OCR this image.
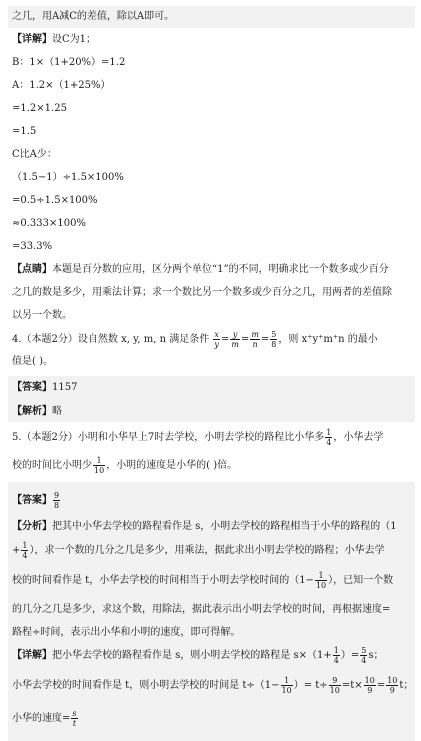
之几，用A减C的差值，除以A即可。
【详解】设C为1；
B：1×（1+20%）=1.2
A：1.2×（1+25%）
=1.2×1.25
=1.5
C比A少：
（1.5−1）÷1.5×100%
=0.5÷1.5×100%
≈0.333×100%
=33.3%
【点睛】本题是百分数的应用，区分两个单位“1”的不同，明确求比一个数多或少百分
之几的数是多少，用乘法计算；求一个数比另一个数多或少百分之几，用两者的差值除
以另一个数。
4.（本题2分）设自然数 x, y, m, n 满足条件 $\frac{x}{y} = \frac{y}{m} = \frac{m}{n} = \frac{5}{8}$ ，则 x⁺y⁺m⁺n 的最小
值是( )。
【答案】1157
【解析】略
5.（本题2分）小明和小华早上7时去学校，小明去学校的路程比小华多 $\frac{1}{4}$ ，小华去学
校的时间比小明少 $\frac{1}{10}$ ，小明的速度是小华的( )倍。
【答案】 $\frac{9}{8}$
【分析】把其中小华去学校的路程看作是 s，小明去学校的路程相当于小华的路程的（1
+ $\frac{1}{4}$ ），求一个数的几分之几是多少，用乘法，据此求出小明去学校的路程；小华去学
校的时间看作是 t，小华去学校的时间相当于小明去学校时间的（$1- \frac{1}{10}$ ），已知一个数
的几分之几是多少，求这个数，用除法，据此表示出小明去学校的时间，再根据速度=
路程÷时间，表示出小华和小明的速度，即可得解。
【详解】把小华去学校的路程看作是 s，则小明去学校的路程是 $s\times(1+ \frac{1}{4}$ ）= $\frac{5}{4}$ s；
小华去学校的时间看作是 t，则小明去学校的时间是 $t\div(1- \frac{1}{10}$ ）= $t\div \frac{9}{10} =t\times \frac{10}{9} = \frac{10}{9}$ t；
小华的速度= $\frac{s}{t}$
